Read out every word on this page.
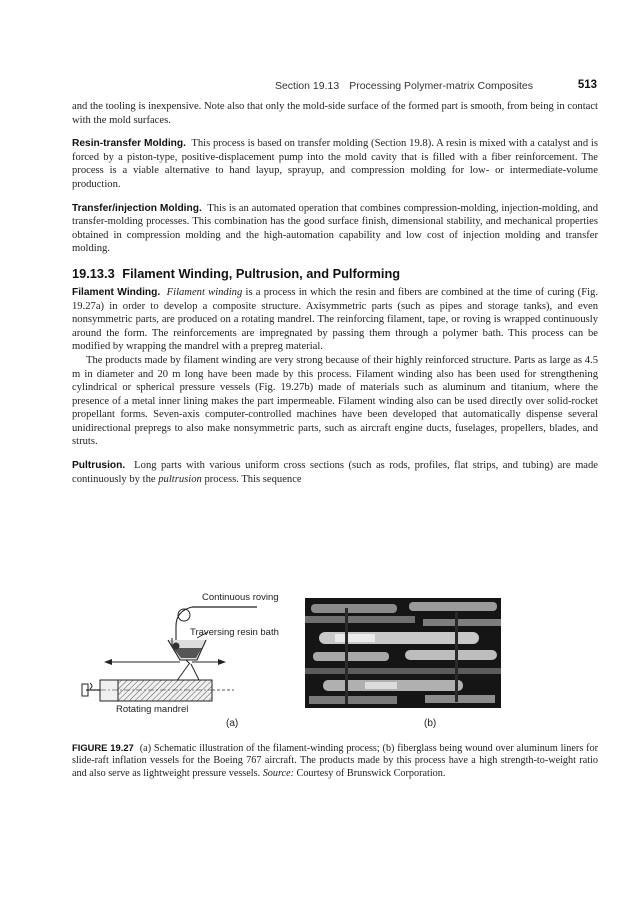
Section 19.13 Processing Polymer-matrix Composites	513

and the tooling is inexpensive. Note also that only the mold-side surface of the formed part is smooth, from being in contact with the mold surfaces.

Resin-transfer Molding. This process is based on transfer molding (Section 19.8). A resin is mixed with a catalyst and is forced by a piston-type, positive-displacement pump into the mold cavity that is filled with a fiber reinforcement. The process is a viable alternative to hand layup, sprayup, and compression molding for low- or intermediate-volume production.

Transfer/injection Molding. This is an automated operation that combines compression-molding, injection-molding, and transfer-molding processes. This combination has the good surface finish, dimensional stability, and mechanical properties obtained in compression molding and the high-automation capability and low cost of injection molding and transfer molding.

19.13.3 Filament Winding, Pultrusion, and Pulforming

Filament Winding. Filament winding is a process in which the resin and fibers are combined at the time of curing (Fig. 19.27a) in order to develop a composite structure. Axisymmetric parts (such as pipes and storage tanks), and even nonsymmetric parts, are produced on a rotating mandrel. The reinforcing filament, tape, or roving is wrapped continuously around the form. The reinforcements are impregnated by passing them through a polymer bath. This process can be modified by wrapping the mandrel with a prepreg material.

The products made by filament winding are very strong because of their highly reinforced structure. Parts as large as 4.5 m in diameter and 20 m long have been made by this process. Filament winding also has been used for strengthening cylindrical or spherical pressure vessels (Fig. 19.27b) made of materials such as aluminum and titanium, where the presence of a metal inner lining makes the part impermeable. Filament winding also can be used directly over solid-rocket propellant forms. Seven-axis computer-controlled machines have been developed that automatically dispense several unidirectional prepregs to also make nonsymmetric parts, such as aircraft engine ducts, fuselages, propellers, blades, and struts.

Pultrusion. Long parts with various uniform cross sections (such as rods, profiles, flat strips, and tubing) are made continuously by the pultrusion process. This sequence

Continuous roving
Traversing resin bath
Rotating mandrel
(a)	(b)
FIGURE 19.27 (a) Schematic illustration of the filament-winding process; (b) fiberglass being wound over aluminum liners for slide-raft inflation vessels for the Boeing 767 aircraft. The products made by this process have a high strength-to-weight ratio and also serve as lightweight pressure vessels. Source: Courtesy of Brunswick Corporation.
